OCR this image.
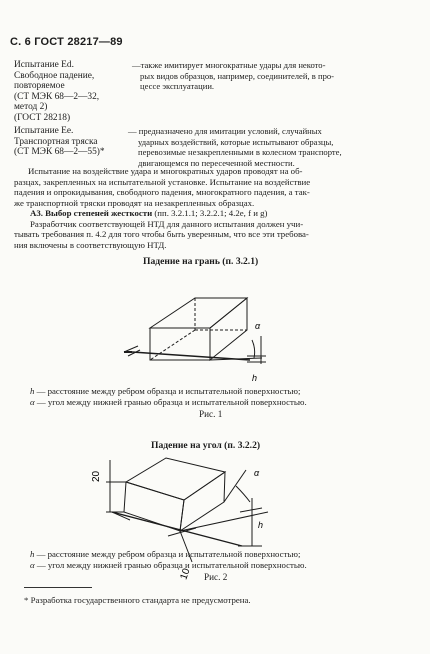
С. 6 ГОСТ 28217—89
Испытание Ed.
Свободное падение,
повторяемое
(СТ МЭК 68—2—32,
метод 2)
(ГОСТ 28218)
—также имитирует многократные удары для некото-
рых видов образцов, например, соединителей, в про-
цессе эксплуатации.
Испытание Ее.
Транспортная тряска
(СТ МЭК 68—2—55)*
— предназначено для имитации условий, случайных
ударных воздействий, которые испытывают образцы,
перевозимые незакрепленными в колесном транспорте,
двигающемся по пересеченной местности.
Испытание на воздействие удара и многократных ударов проводят на об-
разцах, закрепленных на испытательной установке. Испытание на воздействие
падения и опрокидывания, свободного падения, многократного падения, а так-
же транспортной тряски проводят на незакрепленных образцах.
А3. Выбор степеней жесткости (пп. 3.2.1.1; 3.2.2.1; 4.2е, f и g)
Разработчик соответствующей НТД для данного испытания должен учи-
тывать требования п. 4.2 для того чтобы быть уверенным, что все эти требова-
ния включены в соответствующую НТД.
Падение на грань (п. 3.2.1)
α
h
h — расстояние между ребром образца и испытательной поверхностью;
α — угол между нижней гранью образца и испытательной поверхностью.
Рис. 1
Падение на угол (п. 3.2.2)
20
10
α
h
h — расстояние между ребром образца и испытательной поверхностью;
α — угол между нижней гранью образца и испытательной поверхностью.
Рис. 2
* Разработка государственного стандарта не предусмотрена.
